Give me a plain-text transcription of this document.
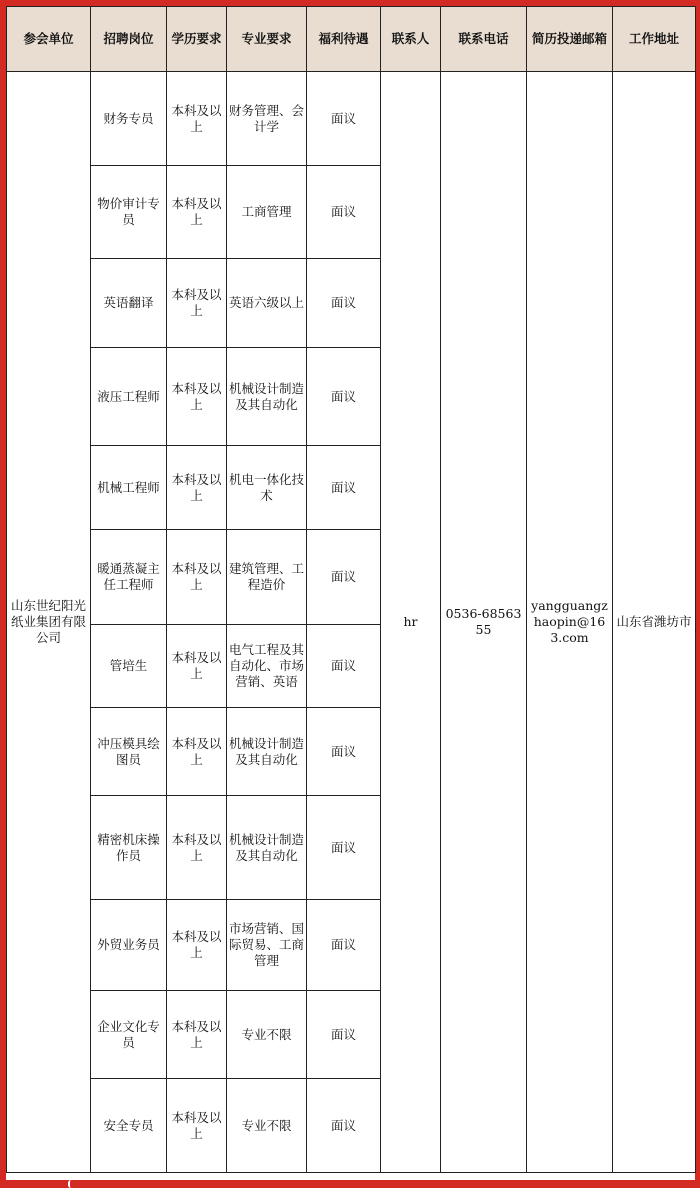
参会单位	招聘岗位	学历要求	专业要求	福利待遇	联系人	联系电话	简历投递邮箱	工作地址
山东世纪阳光纸业集团有限公司	财务专员	本科及以上	财务管理、会计学	面议	hr	0536-6856355	yangguangzhaopin@163.com	山东省潍坊市
	物价审计专员	本科及以上	工商管理	面议				
	英语翻译	本科及以上	英语六级以上	面议				
	液压工程师	本科及以上	机械设计制造及其自动化	面议				
	机械工程师	本科及以上	机电一体化技术	面议				
	暖通蒸凝主任工程师	本科及以上	建筑管理、工程造价	面议				
	管培生	本科及以上	电气工程及其自动化、市场营销、英语	面议				
	冲压模具绘图员	本科及以上	机械设计制造及其自动化	面议				
	精密机床操作员	本科及以上	机械设计制造及其自动化	面议				
	外贸业务员	本科及以上	市场营销、国际贸易、工商管理	面议				
	企业文化专员	本科及以上	专业不限	面议				
	安全专员	本科及以上	专业不限	面议				
